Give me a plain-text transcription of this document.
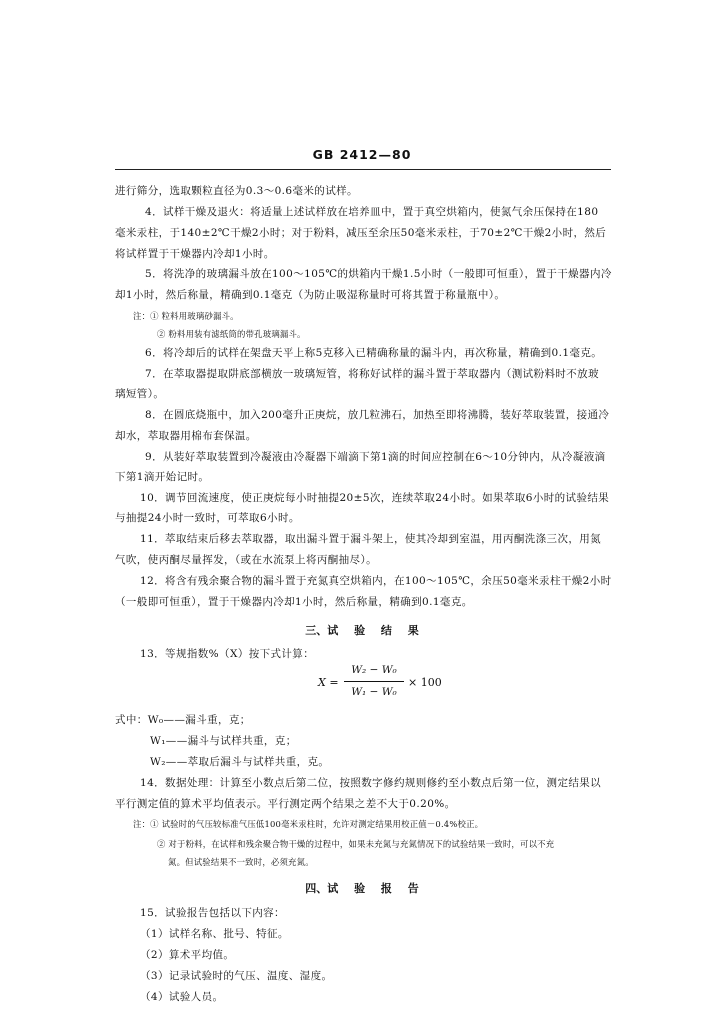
GB 2412—80
进行筛分，选取颗粒直径为0.3～0.6毫米的试样。
4．试样干燥及退火：将适量上述试样放在培养皿中，置于真空烘箱内，使氮气余压保持在180
毫米汞柱，于140±2℃干燥2小时；对于粉料，减压至余压50毫米汞柱，于70±2℃干燥2小时，然后
将试样置于干燥器内冷却1小时。
5．将洗净的玻璃漏斗放在100～105℃的烘箱内干燥1.5小时（一般即可恒重），置于干燥器内冷
却1小时，然后称量，精确到0.1毫克（为防止吸湿称量时可将其置于称量瓶中）。
注：① 粒料用玻璃砂漏斗。
② 粉料用装有滤纸筒的带孔玻璃漏斗。
6．将冷却后的试样在架盘天平上称5克移入已精确称量的漏斗内，再次称量，精确到0.1毫克。
7．在萃取器提取阱底部横放一玻璃短管，将称好试样的漏斗置于萃取器内（测试粉料时不放玻
璃短管）。
8．在圆底烧瓶中，加入200毫升正庚烷，放几粒沸石，加热至即将沸腾，装好萃取装置，接通冷
却水，萃取器用棉布套保温。
9．从装好萃取装置到冷凝液由冷凝器下端滴下第1滴的时间应控制在6～10分钟内，从冷凝液滴
下第1滴开始记时。
10．调节回流速度，使正庚烷每小时抽提20±5次，连续萃取24小时。如果萃取6小时的试验结果
与抽提24小时一致时，可萃取6小时。
11．萃取结束后移去萃取器，取出漏斗置于漏斗架上，使其冷却到室温，用丙酮洗涤三次，用氮
气吹，使丙酮尽量挥发，（或在水流泵上将丙酮抽尽）。
12．将含有残余聚合物的漏斗置于充氮真空烘箱内，在100～105℃，余压50毫米汞柱干燥2小时
（一般即可恒重），置于干燥器内冷却1小时，然后称量，精确到0.1毫克。
三、试 验 结 果
13．等规指数%（X）按下式计算：
X =
W₂ − W₀
W₁ − W₀
× 100
式中：W₀——漏斗重，克；
W₁——漏斗与试样共重，克；
W₂——萃取后漏斗与试样共重，克。
14．数据处理：计算至小数点后第二位，按照数字修约规则修约至小数点后第一位，测定结果以
平行测定值的算术平均值表示。平行测定两个结果之差不大于0.20%。
注：① 试验时的气压较标准气压低100毫米汞柱时，允许对测定结果用校正值－0.4%校正。
② 对于粉料，在试样和残余聚合物干燥的过程中，如果未充氮与充氮情况下的试验结果一致时，可以不充
氮。但试验结果不一致时，必须充氮。
四、试 验 报 告
15．试验报告包括以下内容：
（1）试样名称、批号、特征。
（2）算术平均值。
（3）记录试验时的气压、温度、湿度。
（4）试验人员。
